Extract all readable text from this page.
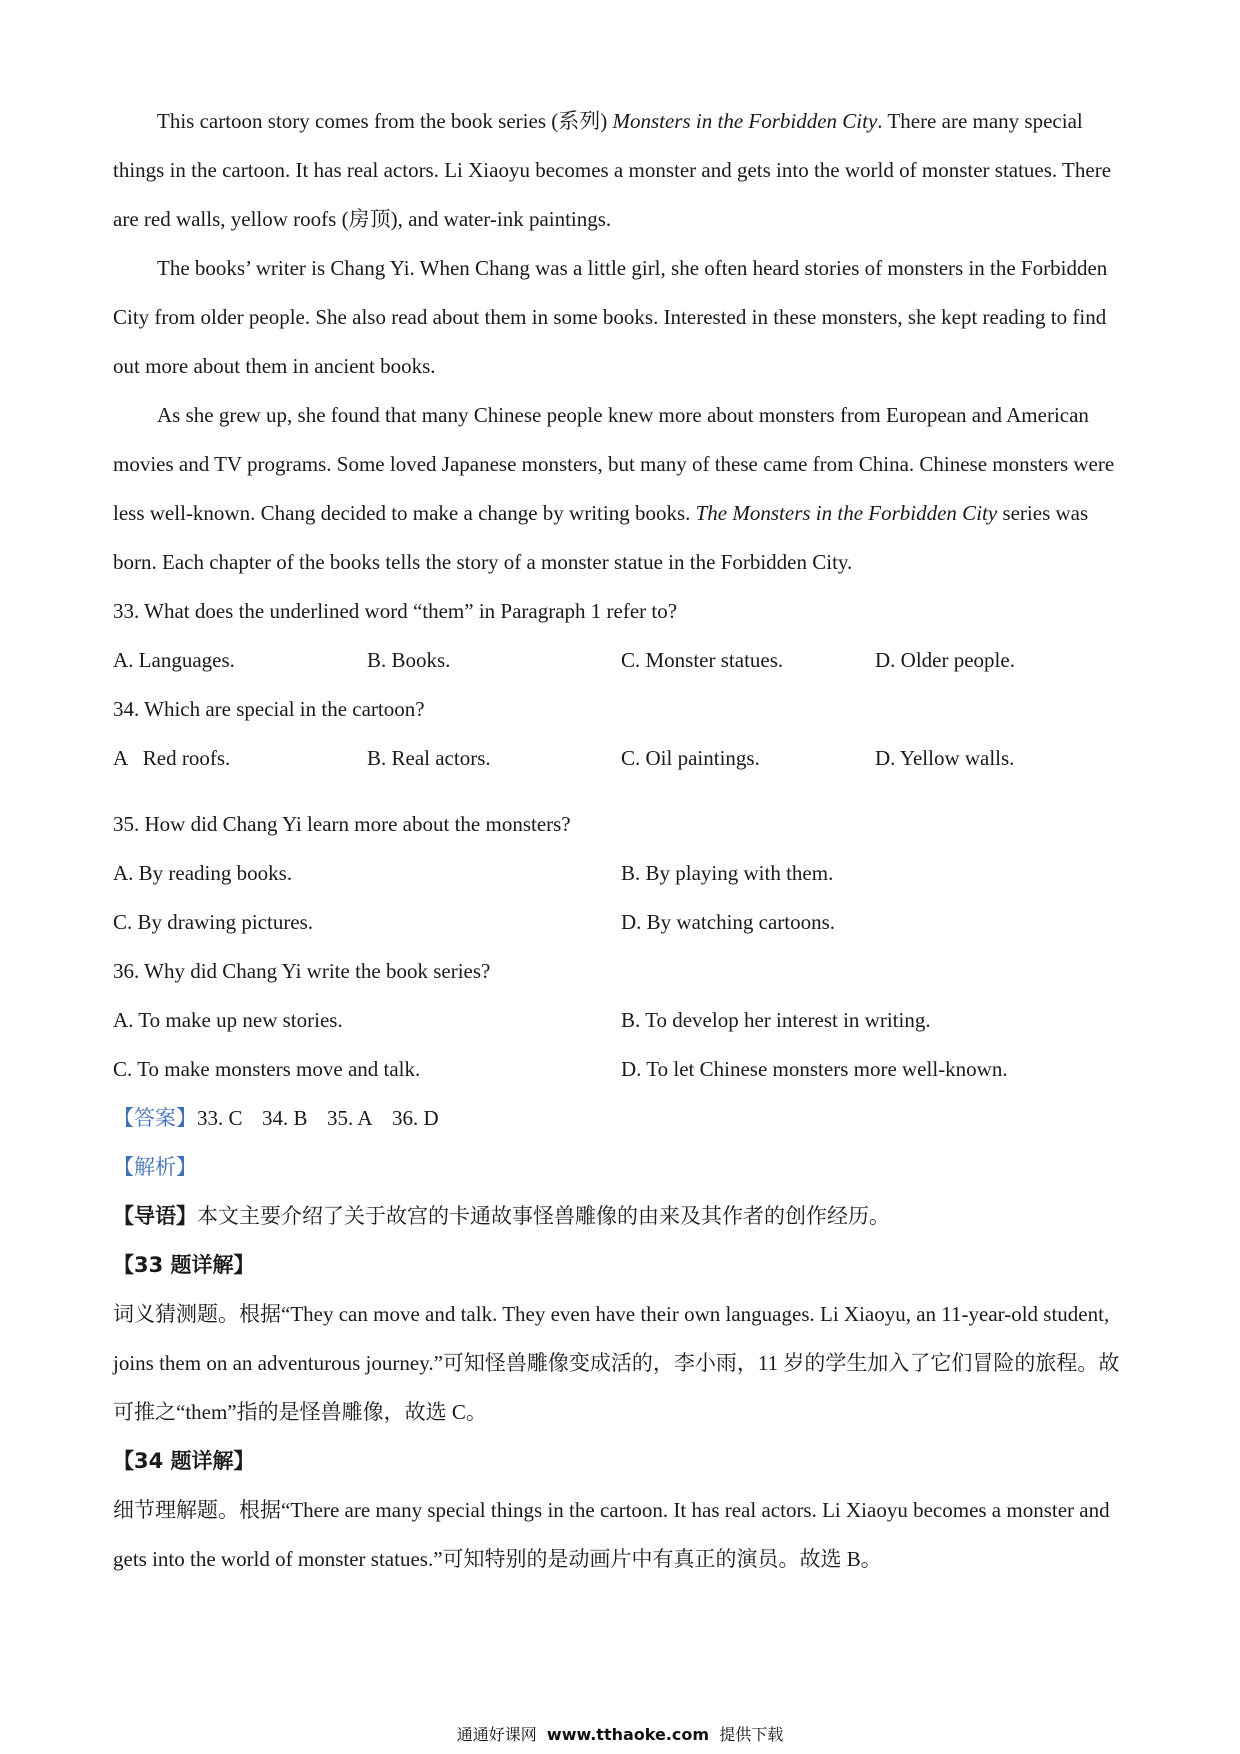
This cartoon story comes from the book series (系列) Monsters in the Forbidden City. There are many special things in the cartoon. It has real actors. Li Xiaoyu becomes a monster and gets into the world of monster statues. There are red walls, yellow roofs (房顶), and water-ink paintings.

The books’ writer is Chang Yi. When Chang was a little girl, she often heard stories of monsters in the Forbidden City from older people. She also read about them in some books. Interested in these monsters, she kept reading to find out more about them in ancient books.

As she grew up, she found that many Chinese people knew more about monsters from European and American movies and TV programs. Some loved Japanese monsters, but many of these came from China. Chinese monsters were less well-known. Chang decided to make a change by writing books. The Monsters in the Forbidden City series was born. Each chapter of the books tells the story of a monster statue in the Forbidden City.

33. What does the underlined word “them” in Paragraph 1 refer to?

A. Languages.	B. Books.	C. Monster statues.	D. Older people.

34. Which are special in the cartoon?

A   Red roofs.	B. Real actors.	C. Oil paintings.	D. Yellow walls.

35. How did Chang Yi learn more about the monsters?

A. By reading books.	B. By playing with them.
C. By drawing pictures.	D. By watching cartoons.

36. Why did Chang Yi write the book series?

A. To make up new stories.	B. To develop her interest in writing.
C. To make monsters move and talk.	D. To let Chinese monsters more well-known.

【答案】33. C 34. B 35. A 36. D

【解析】

【导语】本文主要介绍了关于故宫的卡通故事怪兽雕像的由来及其作者的创作经历。

【33 题详解】

词义猜测题。根据“They can move and talk. They even have their own languages. Li Xiaoyu, an 11-year-old student, joins them on an adventurous journey.”可知怪兽雕像变成活的，李小雨，11 岁的学生加入了它们冒险的旅程。故可推之“them”指的是怪兽雕像，故选 C。

【34 题详解】

细节理解题。根据“There are many special things in the cartoon. It has real actors. Li Xiaoyu becomes a monster and gets into the world of monster statues.”可知特别的是动画片中有真正的演员。故选 B。

通通好课网 www.tthaoke.com 提供下载
